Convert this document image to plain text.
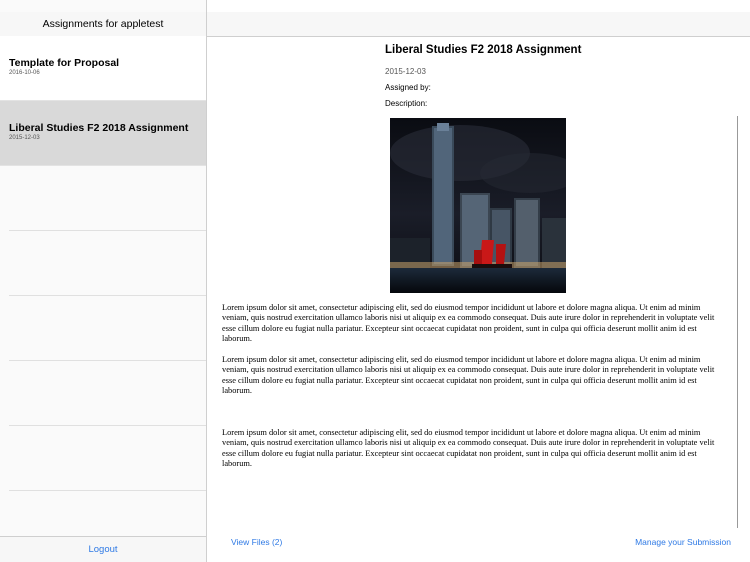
Assignments for appletest
Template for Proposal
2016-10-06
Liberal Studies F2 2018 Assignment
2015-12-03
Logout
Liberal Studies F2 2018 Assignment
2015-12-03
Assigned by:
Description:
Lorem ipsum dolor sit amet, consectetur adipiscing elit, sed do eiusmod tempor incididunt ut labore et dolore magna aliqua. Ut enim ad minim veniam, quis nostrud exercitation ullamco laboris nisi ut aliquip ex ea commodo consequat. Duis aute irure dolor in reprehenderit in voluptate velit esse cillum dolore eu fugiat nulla pariatur. Excepteur sint occaecat cupidatat non proident, sunt in culpa qui officia deserunt mollit anim id est laborum.
Lorem ipsum dolor sit amet, consectetur adipiscing elit, sed do eiusmod tempor incididunt ut labore et dolore magna aliqua. Ut enim ad minim veniam, quis nostrud exercitation ullamco laboris nisi ut aliquip ex ea commodo consequat. Duis aute irure dolor in reprehenderit in voluptate velit esse cillum dolore eu fugiat nulla pariatur. Excepteur sint occaecat cupidatat non proident, sunt in culpa qui officia deserunt mollit anim id est laborum.
Lorem ipsum dolor sit amet, consectetur adipiscing elit, sed do eiusmod tempor incididunt ut labore et dolore magna aliqua. Ut enim ad minim veniam, quis nostrud exercitation ullamco laboris nisi ut aliquip ex ea commodo consequat. Duis aute irure dolor in reprehenderit in voluptate velit esse cillum dolore eu fugiat nulla pariatur. Excepteur sint occaecat cupidatat non proident, sunt in culpa qui officia deserunt mollit anim id est laborum.
View Files (2)	Manage your Submission
